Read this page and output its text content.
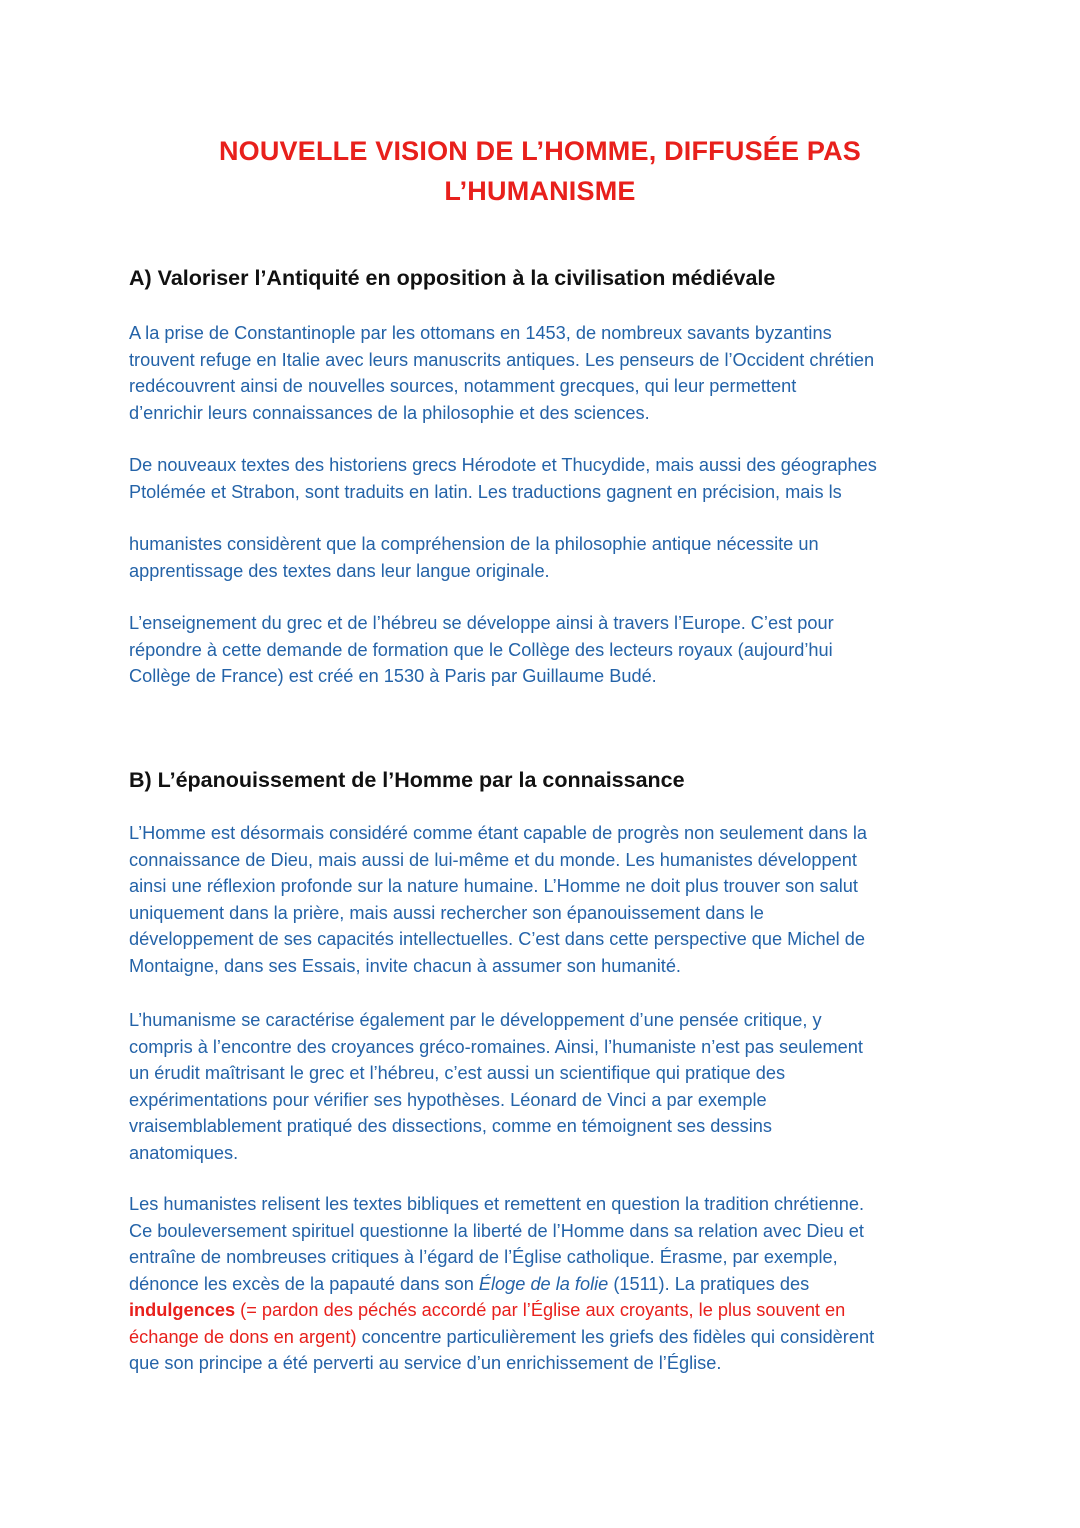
NOUVELLE VISION DE L’HOMME, DIFFUSÉE PAS
L’HUMANISME
A) Valoriser l’Antiquité en opposition à la civilisation médiévale
A la prise de Constantinople par les ottomans en 1453, de nombreux savants byzantins
trouvent refuge en Italie avec leurs manuscrits antiques. Les penseurs de l’Occident chrétien
redécouvrent ainsi de nouvelles sources, notamment grecques, qui leur permettent
d’enrichir leurs connaissances de la philosophie et des sciences.
De nouveaux textes des historiens grecs Hérodote et Thucydide, mais aussi des géographes
Ptolémée et Strabon, sont traduits en latin. Les traductions gagnent en précision, mais ls
humanistes considèrent que la compréhension de la philosophie antique nécessite un
apprentissage des textes dans leur langue originale.
L’enseignement du grec et de l’hébreu se développe ainsi à travers l’Europe. C’est pour
répondre à cette demande de formation que le Collège des lecteurs royaux (aujourd’hui
Collège de France) est créé en 1530 à Paris par Guillaume Budé.
B) L’épanouissement de l’Homme par la connaissance
L’Homme est désormais considéré comme étant capable de progrès non seulement dans la
connaissance de Dieu, mais aussi de lui-même et du monde. Les humanistes développent
ainsi une réflexion profonde sur la nature humaine. L’Homme ne doit plus trouver son salut
uniquement dans la prière, mais aussi rechercher son épanouissement dans le
développement de ses capacités intellectuelles. C’est dans cette perspective que Michel de
Montaigne, dans ses Essais, invite chacun à assumer son humanité.
L’humanisme se caractérise également par le développement d’une pensée critique, y
compris à l’encontre des croyances gréco-romaines. Ainsi, l’humaniste n’est pas seulement
un érudit maîtrisant le grec et l’hébreu, c’est aussi un scientifique qui pratique des
expérimentations pour vérifier ses hypothèses. Léonard de Vinci a par exemple
vraisemblablement pratiqué des dissections, comme en témoignent ses dessins
anatomiques.
Les humanistes relisent les textes bibliques et remettent en question la tradition chrétienne.
Ce bouleversement spirituel questionne la liberté de l’Homme dans sa relation avec Dieu et
entraîne de nombreuses critiques à l’égard de l’Église catholique. Érasme, par exemple,
dénonce les excès de la papauté dans son Éloge de la folie (1511). La pratiques des
indulgences (= pardon des péchés accordé par l’Église aux croyants, le plus souvent en
échange de dons en argent) concentre particulièrement les griefs des fidèles qui considèrent
que son principe a été perverti au service d’un enrichissement de l’Église.
